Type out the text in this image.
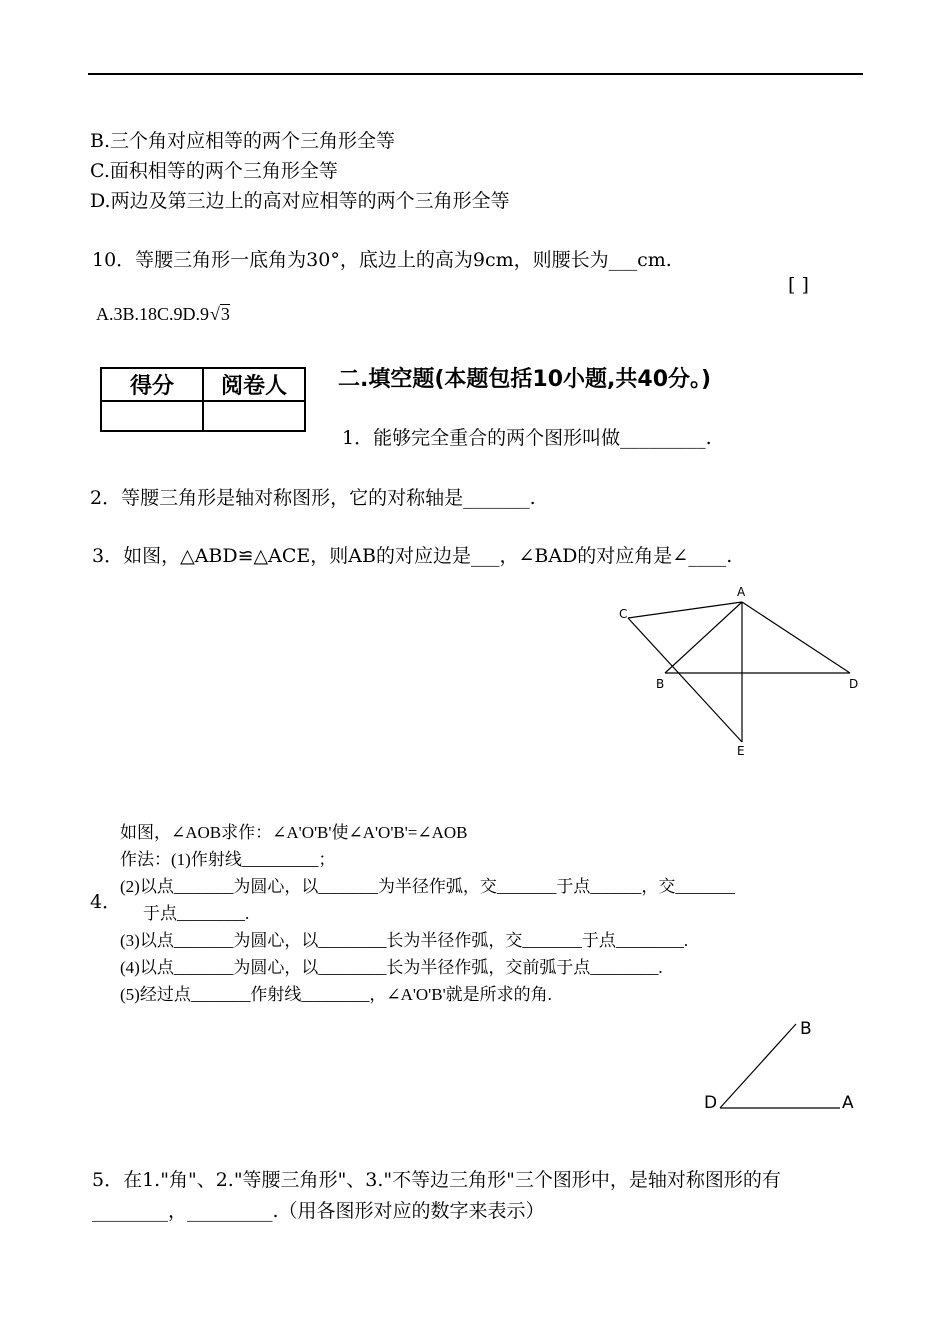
B.三个角对应相等的两个三角形全等
C.面积相等的两个三角形全等
D.两边及第三边上的高对应相等的两个三角形全等
10．等腰三角形一底角为30°，底边上的高为9cm，则腰长为___cm.
[ ]
A.3B.18C.9D.9√3
得分	阅卷人
	二.填空题(本题包括10小题,共40分。)
1．能够完全重合的两个图形叫做_________.
2．等腰三角形是轴对称图形，它的对称轴是_______.
3．如图，△ABD≌△ACE，则AB的对应边是___，∠BAD的对应角是∠____.
A
C
B	D
E
如图，∠AOB求作：∠A'O'B'使∠A'O'B'=∠AOB
作法：(1)作射线_________；
(2)以点_______为圆心，以_______为半径作弧，交_______于点______，交_______
4．
于点________.
(3)以点_______为圆心，以________长为半径作弧，交_______于点________.
(4)以点_______为圆心，以________长为半径作弧，交前弧于点________.
(5)经过点_______作射线________，∠A'O'B'就是所求的角.
B
D	A
5．在1."角"、2."等腰三角形"、3."不等边三角形"三个图形中，是轴对称图形的有
________，_________.（用各图形对应的数字来表示）
